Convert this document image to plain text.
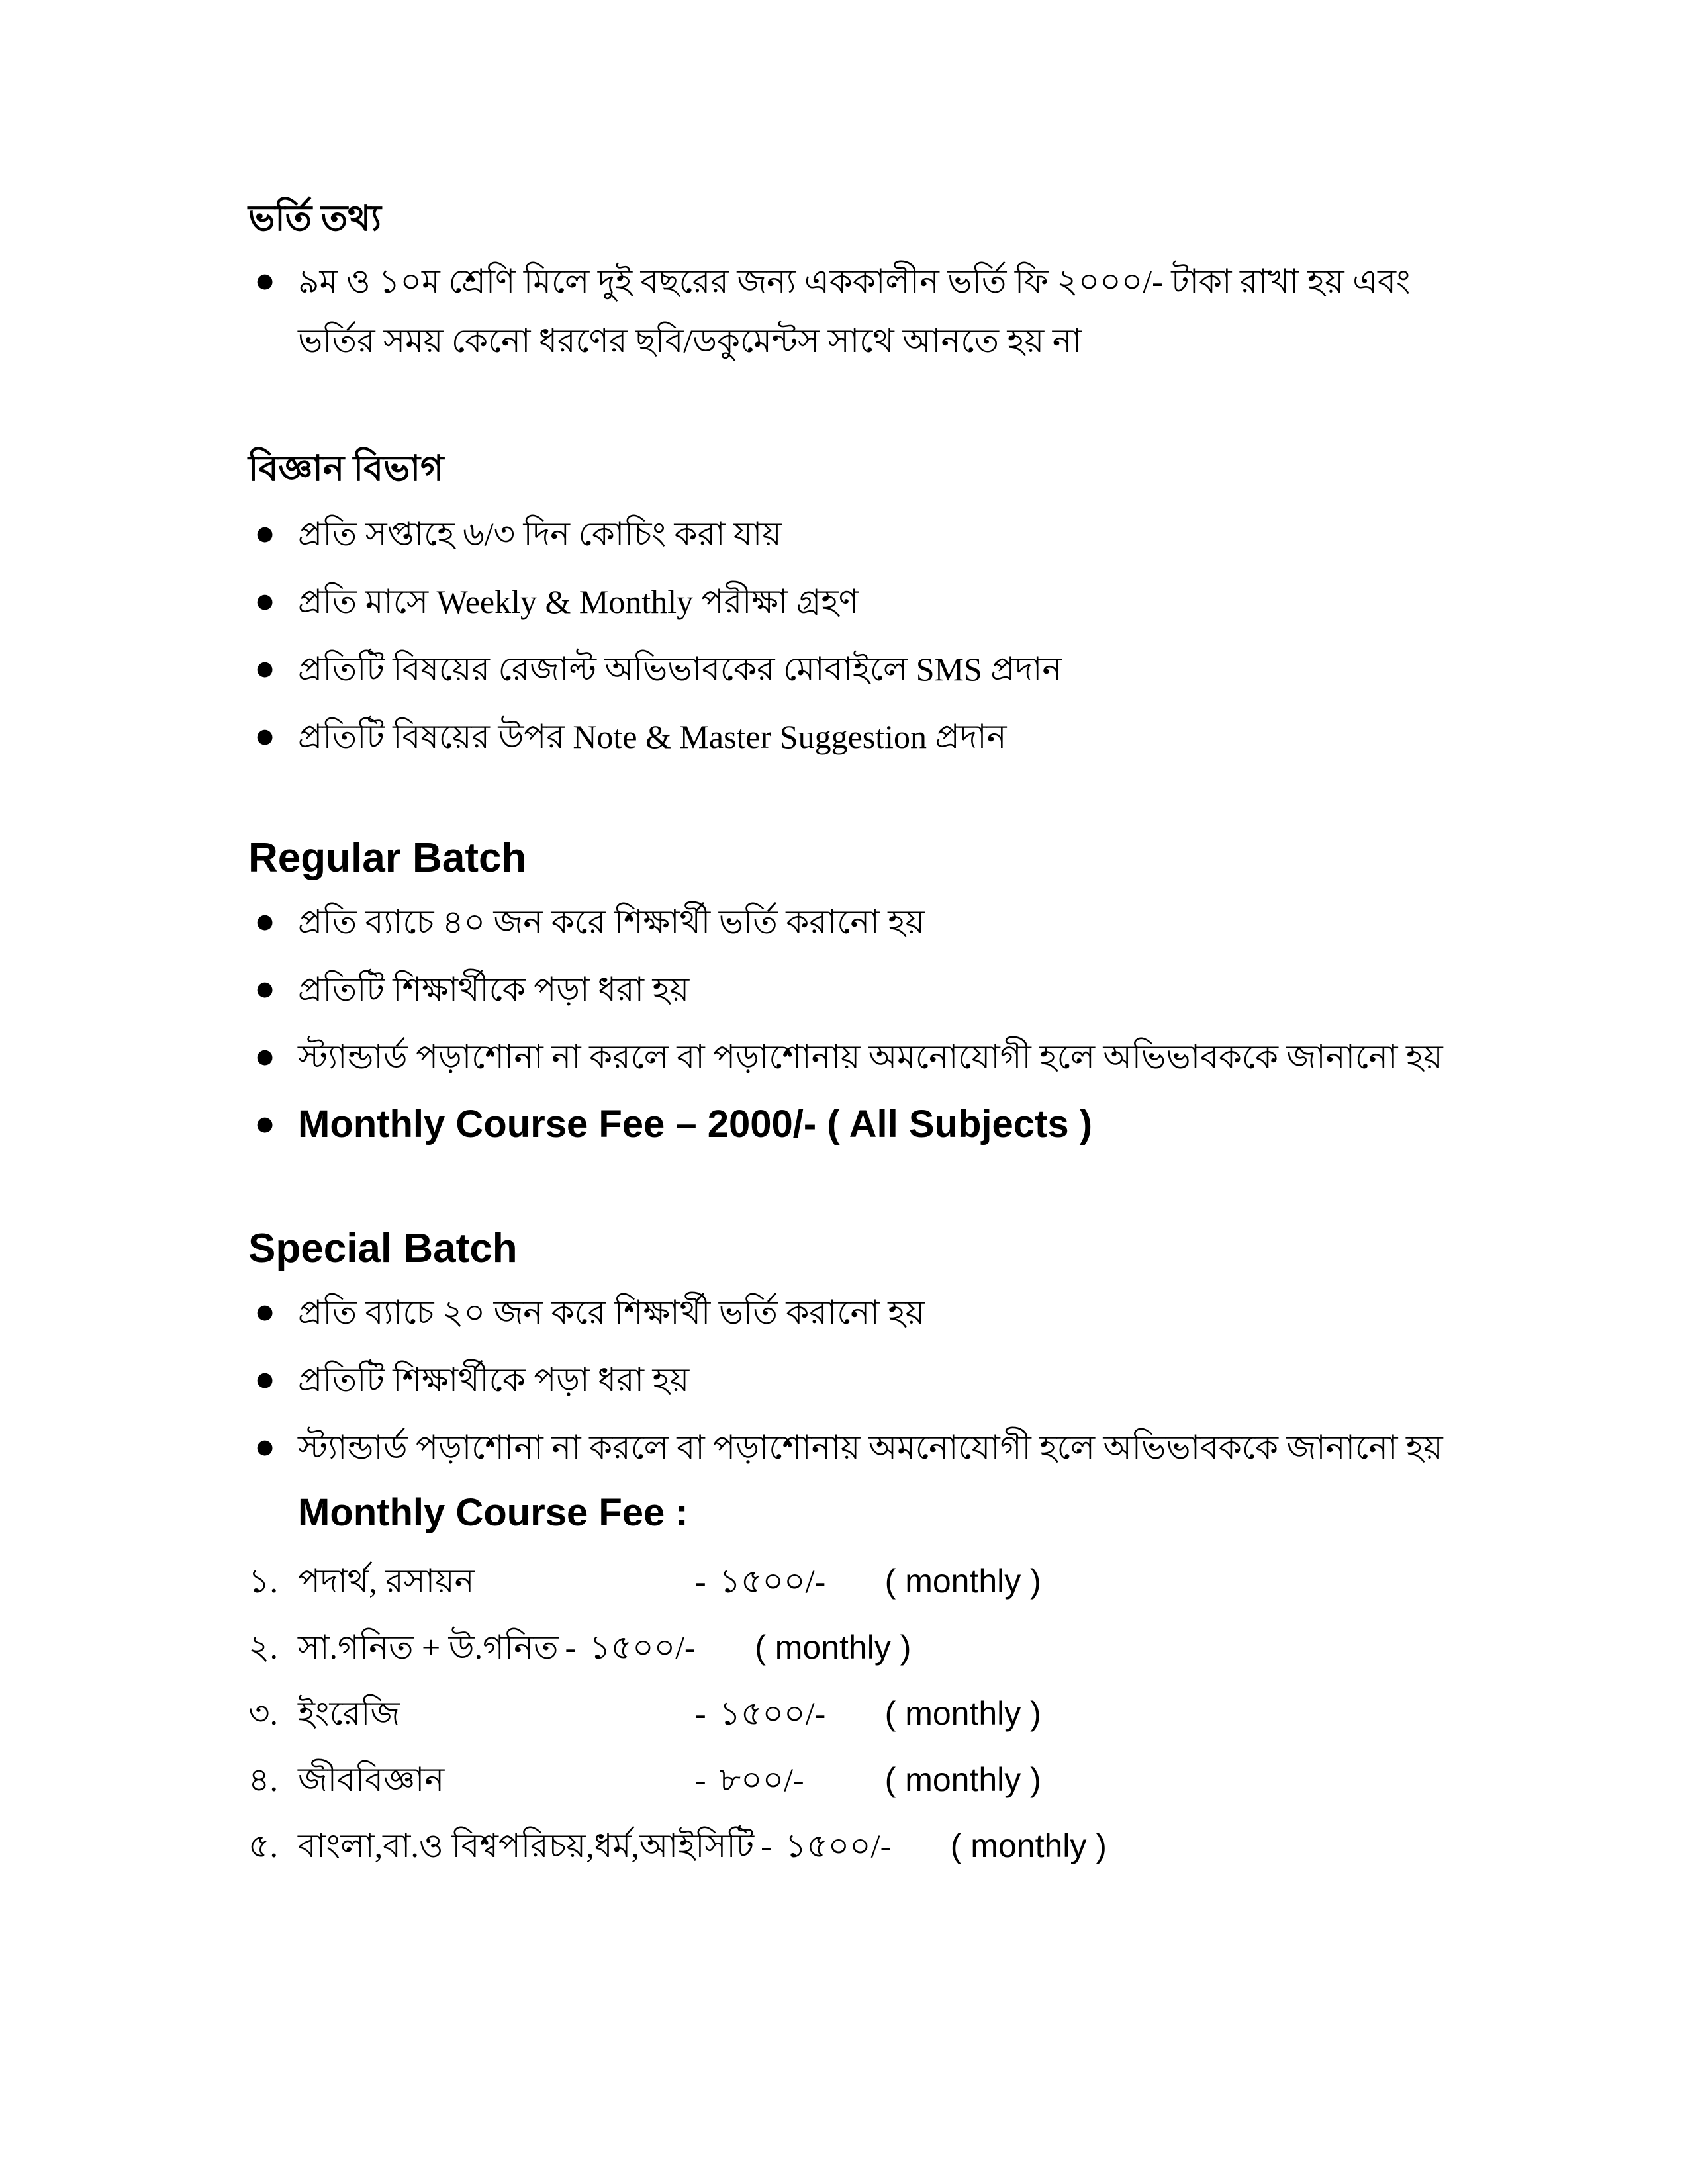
ভর্তি তথ্য
● ৯ম ও ১০ম শ্রেণি মিলে দুই বছরের জন্য এককালীন ভর্তি ফি ২০০০/- টাকা রাখা হয় এবং
ভর্তির সময় কেনো ধরণের ছবি/ডকুমেন্টস সাথে আনতে হয় না
বিজ্ঞান বিভাগ
● প্রতি সপ্তাহে ৬/৩ দিন কোচিং করা যায়
● প্রতি মাসে Weekly & Monthly পরীক্ষা গ্রহণ
● প্রতিটি বিষয়ের রেজাল্ট অভিভাবকের মোবাইলে SMS প্রদান
● প্রতিটি বিষয়ের উপর Note & Master Suggestion প্রদান
Regular Batch
● প্রতি ব্যাচে ৪০ জন করে শিক্ষার্থী ভর্তি করানো হয়
● প্রতিটি শিক্ষার্থীকে পড়া ধরা হয়
● স্ট্যান্ডার্ড পড়াশোনা না করলে বা পড়াশোনায় অমনোযোগী হলে অভিভাবককে জানানো হয়
● Monthly Course Fee – 2000/- ( All Subjects )
Special Batch
● প্রতি ব্যাচে ২০ জন করে শিক্ষার্থী ভর্তি করানো হয়
● প্রতিটি শিক্ষার্থীকে পড়া ধরা হয়
● স্ট্যান্ডার্ড পড়াশোনা না করলে বা পড়াশোনায় অমনোযোগী হলে অভিভাবককে জানানো হয়
Monthly Course Fee :
১. পদার্থ, রসায়ন	- ১৫০০/-	( monthly )
২. সা.গনিত + উ.গনিত - ১৫০০/-	( monthly )
৩. ইংরেজি	- ১৫০০/-	( monthly )
৪. জীববিজ্ঞান	- ৮০০/-	( monthly )
৫. বাংলা,বা.ও বিশ্বপরিচয়,ধর্ম,আইসিটি - ১৫০০/-	( monthly )
